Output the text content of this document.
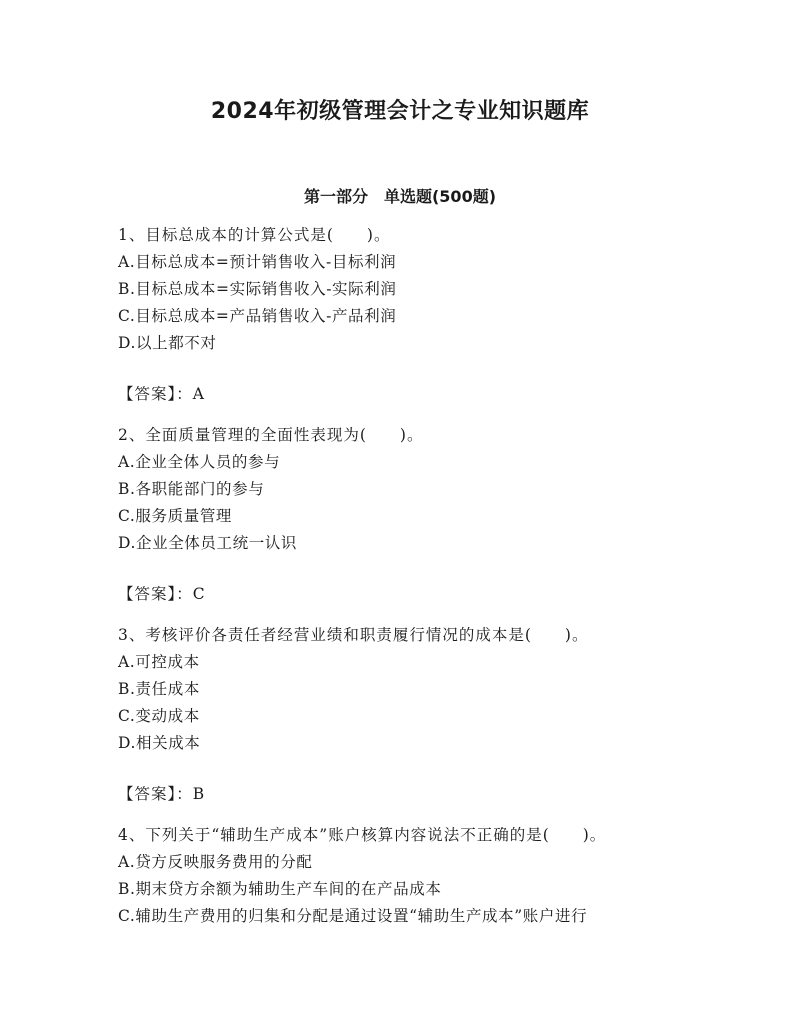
2024年初级管理会计之专业知识题库
第一部分　单选题(500题)
1、目标总成本的计算公式是(　　)。
A.目标总成本=预计销售收入-目标利润
B.目标总成本=实际销售收入-实际利润
C.目标总成本=产品销售收入-产品利润
D.以上都不对
【答案】：A
2、全面质量管理的全面性表现为(　　)。
A.企业全体人员的参与
B.各职能部门的参与
C.服务质量管理
D.企业全体员工统一认识
【答案】：C
3、考核评价各责任者经营业绩和职责履行情况的成本是(　　)。
A.可控成本
B.责任成本
C.变动成本
D.相关成本
【答案】：B
4、下列关于“辅助生产成本”账户核算内容说法不正确的是(　　)。
A.贷方反映服务费用的分配
B.期末贷方余额为辅助生产车间的在产品成本
C.辅助生产费用的归集和分配是通过设置“辅助生产成本”账户进行
